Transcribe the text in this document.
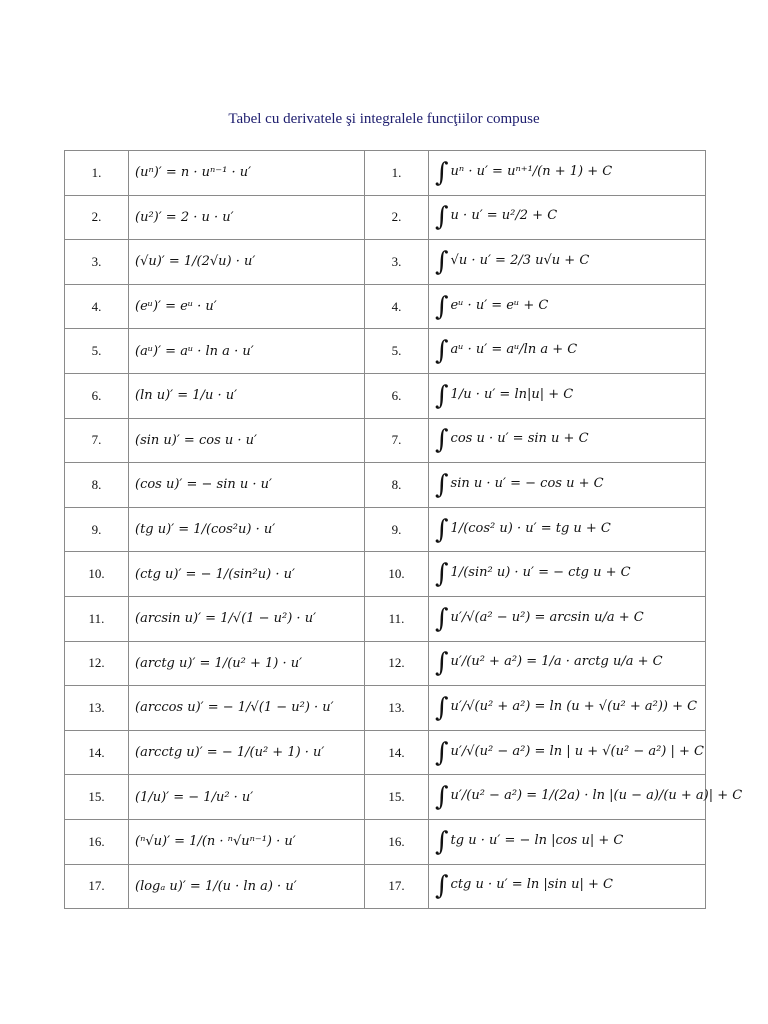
Tabel cu derivatele şi integralele funcţiilor compuse
1.	(uⁿ)′ = n · uⁿ⁻¹ · u′	1.	∫ uⁿ · u′ = uⁿ⁺¹/(n + 1) + C
2.	(u²)′ = 2 · u · u′	2.	∫ u · u′ = u²/2 + C
3.	(√u)′ = 1/(2√u) · u′	3.	∫ √u · u′ = 2/3 u√u + C
4.	(eᵘ)′ = eᵘ · u′	4.	∫ eᵘ · u′ = eᵘ + C
5.	(aᵘ)′ = aᵘ · ln a · u′	5.	∫ aᵘ · u′ = aᵘ/ln a + C
6.	(ln u)′ = 1/u · u′	6.	∫ 1/u · u′ = ln|u| + C
7.	(sin u)′ = cos u · u′	7.	∫ cos u · u′ = sin u + C
8.	(cos u)′ = − sin u · u′	8.	∫ sin u · u′ = − cos u + C
9.	(tg u)′ = 1/(cos²u) · u′	9.	∫ 1/(cos² u) · u′ = tg u + C
10.	(ctg u)′ = − 1/(sin²u) · u′	10.	∫ 1/(sin² u) · u′ = − ctg u + C
11.	(arcsin u)′ = 1/√(1 − u²) · u′	11.	∫ u′/√(a² − u²) = arcsin u/a + C
12.	(arctg u)′ = 1/(u² + 1) · u′	12.	∫ u′/(u² + a²) = 1/a · arctg u/a + C
13.	(arccos u)′ = − 1/√(1 − u²) · u′	13.	∫ u′/√(u² + a²) = ln (u + √(u² + a²)) + C
14.	(arcctg u)′ = − 1/(u² + 1) · u′	14.	∫ u′/√(u² − a²) = ln | u + √(u² − a²) | + C
15.	(1/u)′ = − 1/u² · u′	15.	∫ u′/(u² − a²) = 1/(2a) · ln |(u − a)/(u + a)| + C
16.	(ⁿ√u)′ = 1/(n · ⁿ√uⁿ⁻¹) · u′	16.	∫ tg u · u′ = − ln |cos u| + C
17.	(logₐ u)′ = 1/(u · ln a) · u′	17.	∫ ctg u · u′ = ln |sin u| + C
